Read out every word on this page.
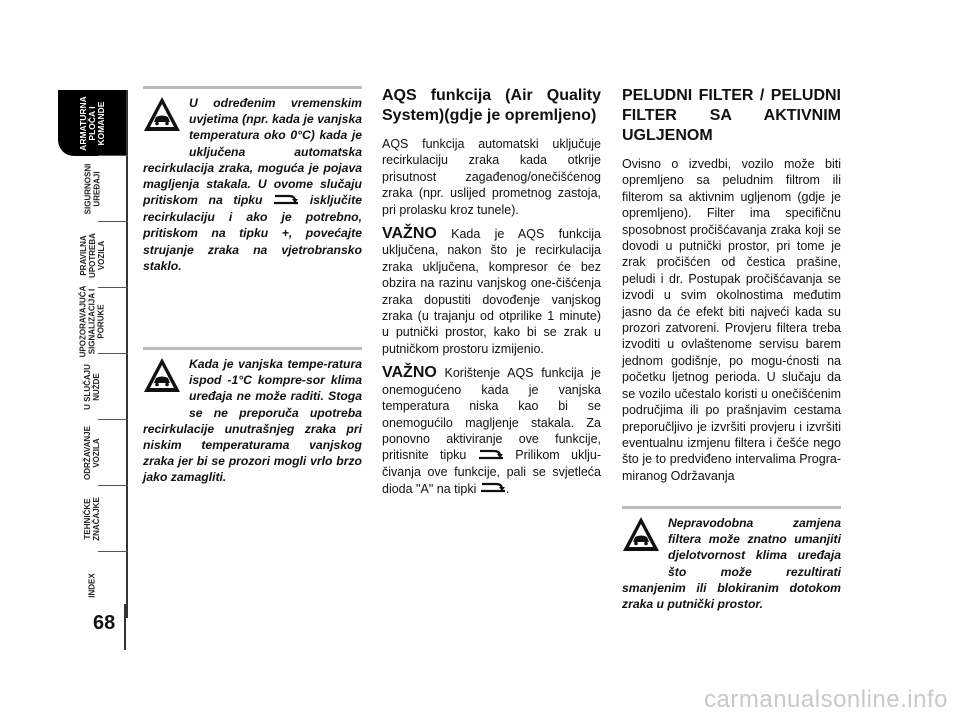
ARMATURNA
PLOČA I
KOMANDE
SIGURNOSNI
UREĐAJI
PRAVILNA
UPOTREBA
VOZILA
UPOZORAVAJUĆA
SIGNALIZACIJA I
PORUKE
U SLUČAJU
NUŽDE
ODRŽAVANJE
VOZILA
TEHNIČKE
ZNAČAJKE
INDEX
68

U određenim vremenskim uvjetima (npr. kada je vanjska temperatura oko 0°C) kada je uključena automatska recirkulacija zraka, moguća je pojava magljenja stakala. U ovome slučaju pritiskom na tipku	isključite recirkulaciju i ako je potrebno, pritiskom na tipku +, povećajte strujanje zraka na vjetrobransko staklo.

Kada je vanjska tempe-ratura ispod -1°C kompre-sor klima uređaja ne može raditi. Stoga se ne preporuča upotreba recirkulacije unutrašnjeg zraka pri niskim temperaturama vanjskog zraka jer bi se prozori mogli vrlo brzo jako zamagliti.

AQS funkcija (Air Quality System)(gdje je opremljeno)

AQS funkcija automatski uključuje recirkulaciju zraka kada otkrije prisutnost zagađenog/onečišćenog zraka (npr. uslijed prometnog zastoja, pri prolasku kroz tunele).

VAŽNO Kada je AQS funkcija uključena, nakon što je recirkulacija zraka uključena, kompresor će bez obzira na razinu vanjskog one-čišćenja zraka dopustiti dovođenje vanjskog zraka (u trajanju od otprilike 1 minute) u putnički prostor, kako bi se zrak u putničkom prostoru izmijenio.

VAŽNO Korištenje AQS funkcija je onemogućeno kada je vanjska temperatura niska kao bi se onemogućilo magljenje stakala. Za ponovno aktiviranje ove funkcije, pritisnite tipku	Prilikom uklju-čivanja ove funkcije, pali se svjetleća dioda "A" na tipki .

PELUDNI FILTER / PELUDNI FILTER SA AKTIVNIM UGLJENOM

Ovisno o izvedbi, vozilo može biti opremljeno sa peludnim filtrom ili filterom sa aktivnim ugljenom (gdje je opremljeno). Filter ima specifičnu sposobnost pročišćavanja zraka koji se dovodi u putnički prostor, pri tome je zrak pročišćen od čestica prašine, peludi i dr. Postupak pročišćavanja se izvodi u svim okolnostima međutim jasno da će efekt biti najveći kada su prozori zatvoreni. Provjeru filtera treba izvoditi u ovlaštenome servisu barem jednom godišnje, po mogu-ćnosti na početku ljetnog perioda. U slučaju da se vozilo učestalo koristi u onečišćenim područjima ili po prašnjavim cestama preporučljivo je izvršiti provjeru i izvršiti eventualnu izmjenu filtera i češće nego što je to predviđeno intervalima Progra-miranog Održavanja

Nepravodobna zamjena filtera može znatno umanjiti djelotvornost klima uređaja što može rezultirati smanjenim ili blokiranim dotokom zraka u putnički prostor.

carmanualsonline.info
